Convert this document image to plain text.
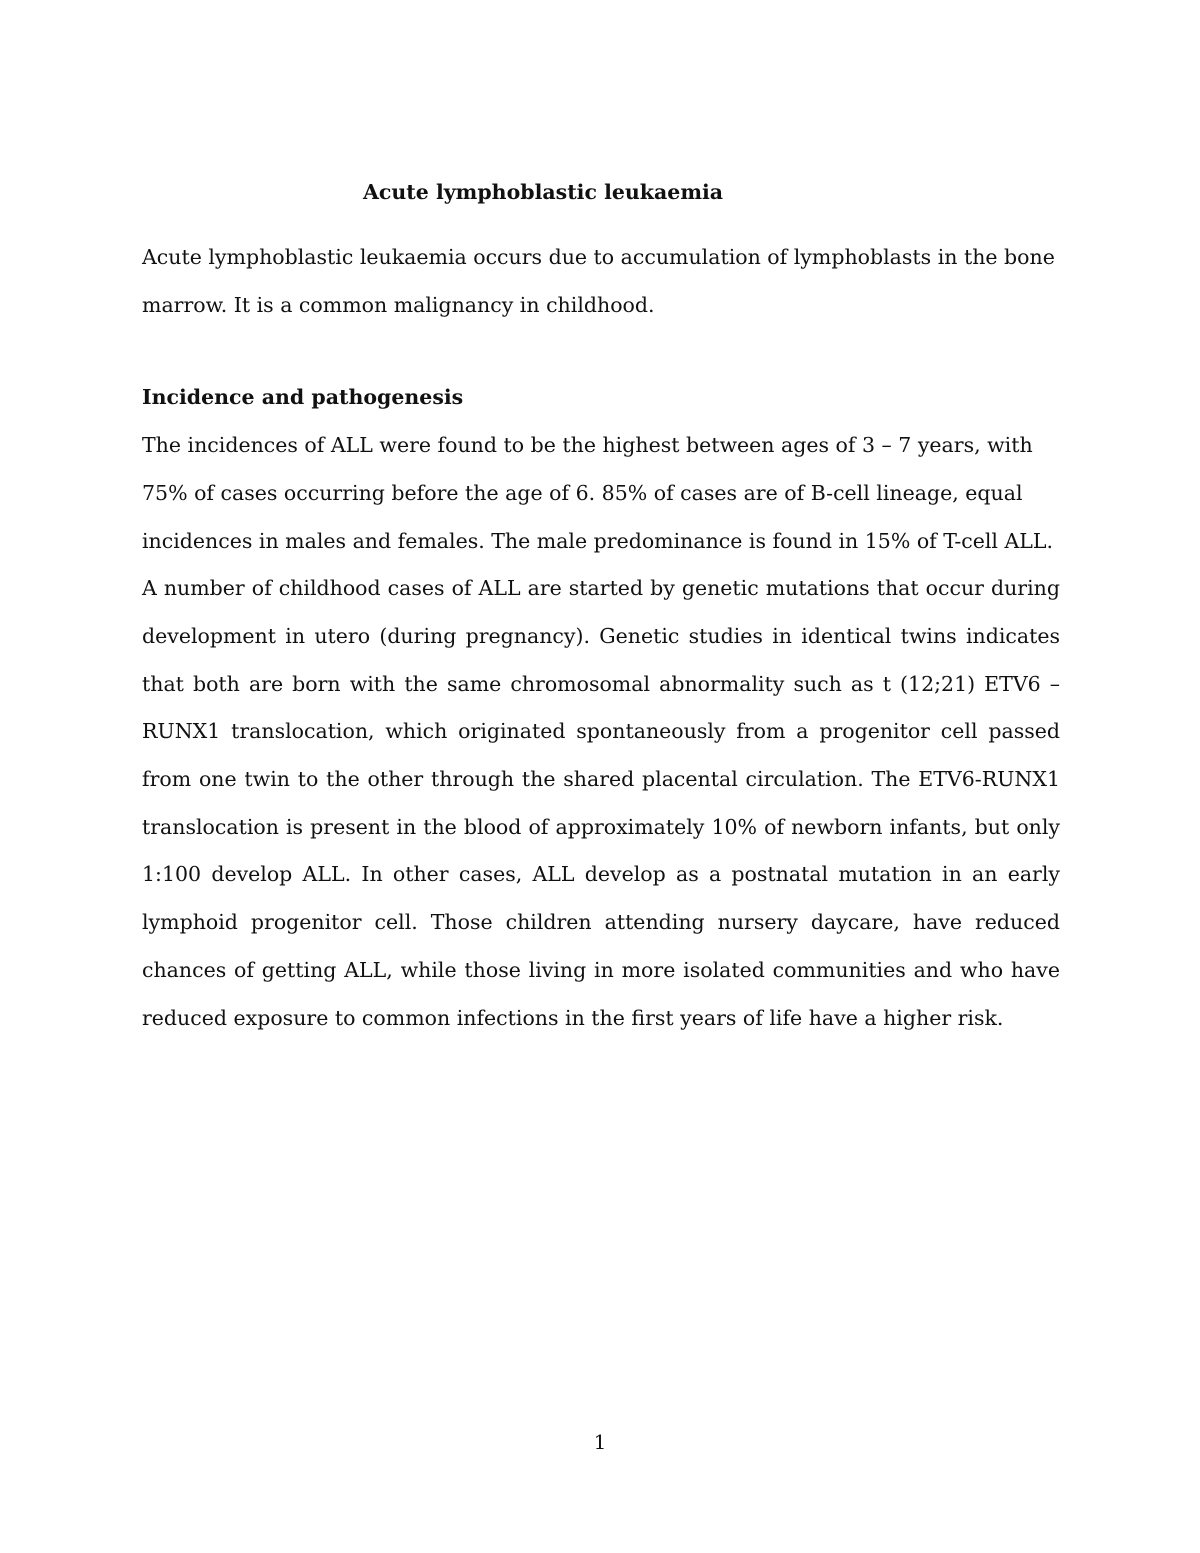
Acute lymphoblastic leukaemia

Acute lymphoblastic leukaemia occurs due to accumulation of lymphoblasts in the bone marrow. It is a common malignancy in childhood.

Incidence and pathogenesis

The incidences of ALL were found to be the highest between ages of 3 – 7 years, with 75% of cases occurring before the age of 6. 85% of cases are of B-cell lineage, equal incidences in males and females. The male predominance is found in 15% of T-cell ALL.

A number of childhood cases of ALL are started by genetic mutations that occur during development in utero (during pregnancy). Genetic studies in identical twins indicates that both are born with the same chromosomal abnormality such as t (12;21) ETV6 – RUNX1 translocation, which originated spontaneously from a progenitor cell passed from one twin to the other through the shared placental circulation. The ETV6-RUNX1 translocation is present in the blood of approximately 10% of newborn infants, but only 1:100 develop ALL. In other cases, ALL develop as a postnatal mutation in an early lymphoid progenitor cell. Those children attending nursery daycare, have reduced chances of getting ALL, while those living in more isolated communities and who have reduced exposure to common infections in the first years of life have a higher risk.

1
